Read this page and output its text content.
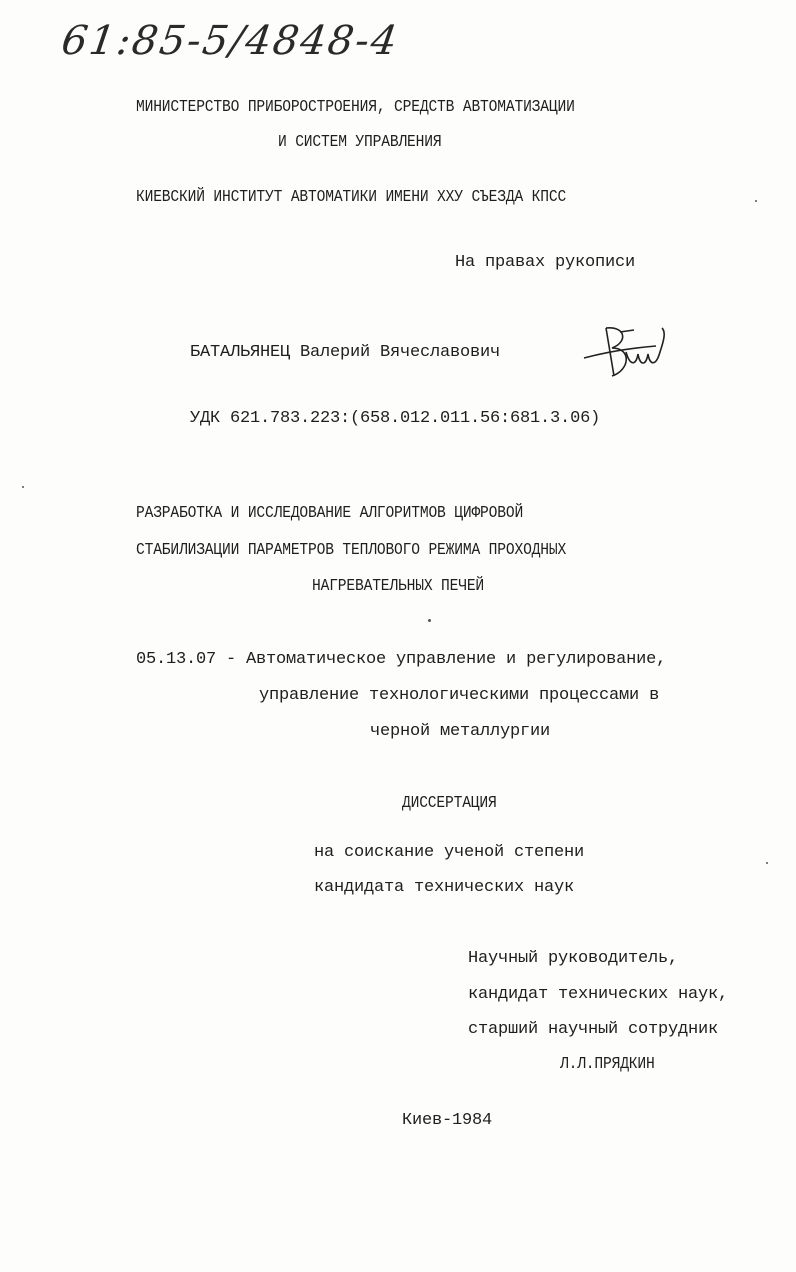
61:85-5/4848-4
МИНИСТЕРСТВО ПРИБОРОСТРОЕНИЯ, СРЕДСТВ АВТОМАТИЗАЦИИ
И СИСТЕМ УПРАВЛЕНИЯ
КИЕВСКИЙ ИНСТИТУТ АВТОМАТИКИ ИМЕНИ XXУ СЪЕЗДА КПСС
На правах рукописи
БАТАЛЬЯНЕЦ Валерий Вячеславович
УДК 621.783.223:(658.012.011.56:681.3.06)
РАЗРАБОТКА И ИССЛЕДОВАНИЕ АЛГОРИТМОВ ЦИФРОВОЙ
СТАБИЛИЗАЦИИ ПАРАМЕТРОВ ТЕПЛОВОГО РЕЖИМА ПРОХОДНЫХ
НАГРЕВАТЕЛЬНЫХ ПЕЧЕЙ
05.13.07 - Автоматическое управление и регулирование,
управление технологическими процессами в
черной металлургии
ДИССЕРТАЦИЯ
на соискание ученой степени
кандидата технических наук
Научный руководитель,
кандидат технических наук,
старший научный сотрудник
Л.Л.ПРЯДКИН
Киев-1984
